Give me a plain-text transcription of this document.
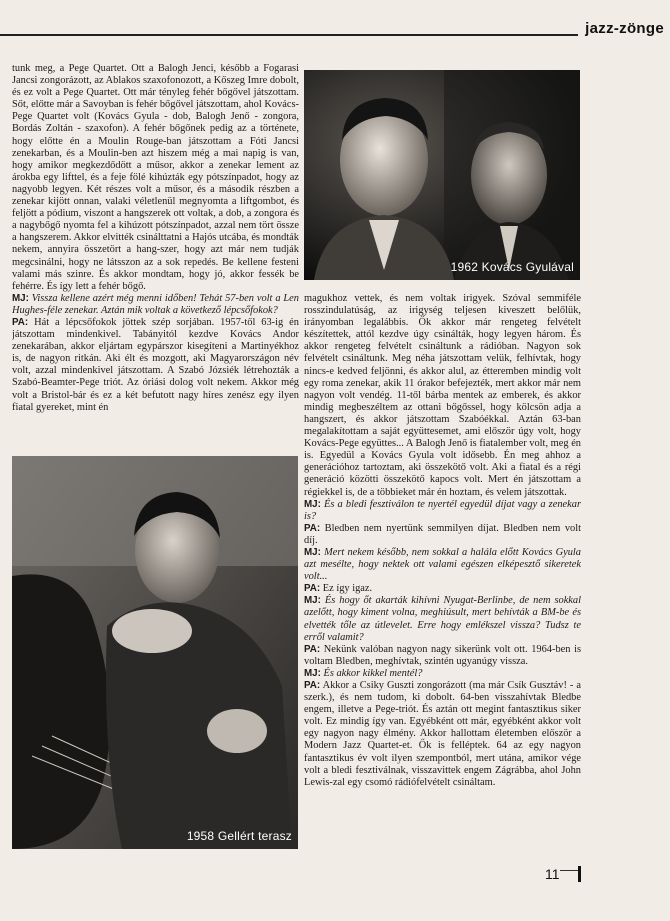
jazz-zönge

tunk meg, a Pege Quartet. Ott a Balogh Jenci, később a Fogarasi Jancsi zongorázott, az Ablakos szaxofonozott, a Kőszeg Imre dobolt, és ez volt a Pege Quartet. Ott már tényleg fehér bőgővel játszottam. Sőt, előtte már a Savoyban is fehér bőgővel játszottam, ahol Kovács-Pege Quartet volt (Kovács Gyula - dob, Balogh Jenő - zongora, Bordás Zoltán - szaxofon). A fehér bőgőnek pedig az a története, hogy előtte én a Moulin Rouge-ban játszottam a Fóti Jancsi zenekarban, és a Moulin-ben azt hiszem még a mai napig is van, hogy amikor megkezdődött a műsor, akkor a zenekar lement az árokba egy lifttel, és a feje fölé kihúzták egy pótszínpadot, hogy az nagyobb legyen. Két részes volt a műsor, és a második részben a zenekar kijött onnan, valaki véletlenül megnyomta a liftgombot, és feljött a pódium, viszont a hangszerek ott voltak, a dob, a zongora és a nagybőgő nyomta fel a kihúzott pótszínpadot, azzal nem tört össze a hangszerem. Akkor elvitték csinálttatni a Hajós utcába, és mondták nekem, annyira összetört a hang-szer, hogy azt már nem tudják megcsinálni, hogy ne látsszon az a sok repedés. Be kellene festeni valami más szinre. És akkor mondtam, hogy jó, akkor fessék be fehérre. És így lett a fehér bőgő.

MJ: Vissza kellene azért még menni időben! Tehát 57-ben volt a Len Hughes-féle zenekar. Aztán mik voltak a következő lépcsőfokok?

PA: Hát a lépcsőfokok jöttek szép sorjában. 1957-től 63-ig én játszottam mindenkivel. Tabányitól kezdve Kovács Andor zenekarában, akkor eljártam egypárszor kisegíteni a Martinyékhoz is, de nagyon ritkán. Aki élt és mozgott, aki Magyarországon név volt, azzal mindenkivel játszottam. A Szabó Józsiék létrehozták a Szabó-Beamter-Pege triót. Az óriási dolog volt nekem. Akkor még volt a Bristol-bár és ez a két befutott nagy híres zenész egy ilyen fiatal gyereket, mint én

1962 Kovács Gyulával

magukhoz vettek, és nem voltak irigyek. Szóval semmiféle rosszindulatúság, az irigység teljesen kiveszett belőlük, irányomban legalábbis. Ők akkor már rengeteg felvételt készítettek, attól kezdve úgy csinálták, hogy legyen három. És akkor rengeteg felvételt csináltunk a rádióban. Nagyon sok felvételt csináltunk. Meg néha játszottam velük, felhívtak, hogy nincs-e kedved feljönni, és akkor alul, az étteremben mindig volt egy roma zenekar, akik 11 órakor befejezték, mert akkor már nem nagyon volt vendég. 11-től bárba mentek az emberek, és akkor mindig megbeszéltem az ottani bőgőssel, hogy kölcsön adja a hangszert, és akkor játszottam Szabóékkal. Aztán 63-ban megalakítottam a saját együttesemet, ami először úgy volt, hogy Kovács-Pege együttes... A Balogh Jenő is fiatalember volt, meg én is. Egyedül a Kovács Gyula volt idősebb. Én meg ahhoz a generációhoz tartoztam, aki összekötő volt. Aki a fiatal és a régi generáció közötti összekötő kapocs volt. Mert én játszottam a régiekkel is, de a többieket már én hoztam, és velem játszottak.

MJ: És a bledi fesztiválon te nyertél egyedül díjat vagy a zenekar is?

PA: Bledben nem nyertünk semmilyen díjat. Bledben nem volt díj.

MJ: Mert nekem később, nem sokkal a halála előtt Kovács Gyula azt mesélte, hogy nektek ott valami egészen elképesztő sikeretek volt...

PA: Ez így igaz.

MJ: És hogy őt akarták kihívni Nyugat-Berlinbe, de nem sokkal azelőtt, hogy kiment volna, meghiúsult, mert behívták a BM-be és elvették tőle az útlevelet. Erre hogy emlékszel vissza? Tudsz te erről valamit?

PA: Nekünk valóban nagyon nagy sikerünk volt ott. 1964-ben is voltam Bledben, meghívtak, szintén ugyanúgy vissza.

MJ: És akkor kikkel mentél?

PA: Akkor a Csiky Guszti zongorázott (ma már Csík Gusztáv! - a szerk.), és nem tudom, ki dobolt. 64-ben visszahívtak Bledbe engem, illetve a Pege-triót. És aztán ott megint fantasztikus siker volt. Ez mindig így van. Egyébként ott már, egyébként akkor volt egy nagyon nagy élmény. Akkor hallottam életemben először a Modern Jazz Quartet-et. Ők is felléptek. 64 az egy nagyon fantasztikus év volt ilyen szempontból, mert utána, amikor vége volt a bledi fesztiválnak, visszavittek engem Zágrábba, ahol John Lewis-zal egy csomó rádiófelvételt csináltam.

1958 Gellért terasz
11
